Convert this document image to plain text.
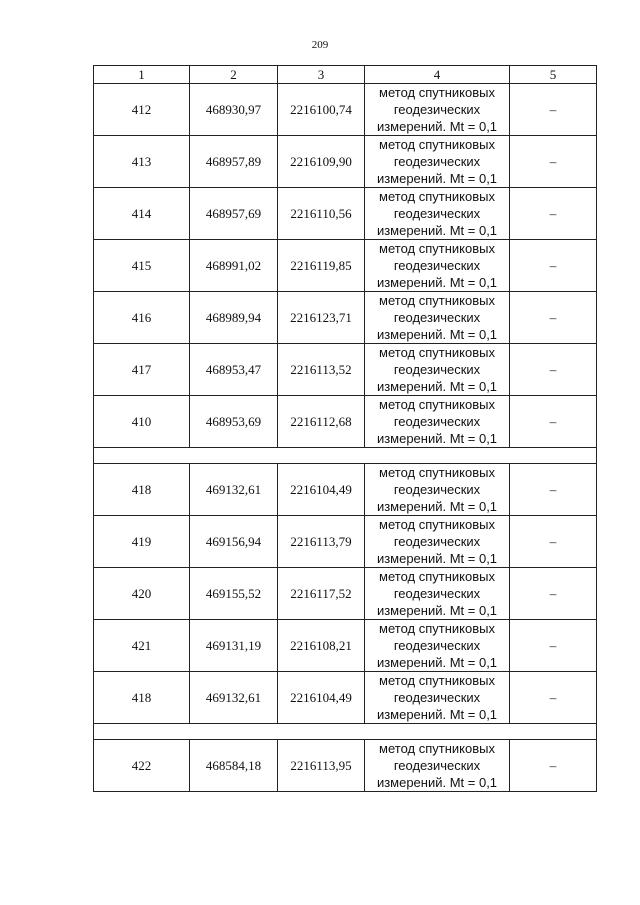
209
1	2	3	4	5
412	468930,97	2216100,74	метод спутниковых
геодезических
измерений. Mt = 0,1	–
413	468957,89	2216109,90	метод спутниковых
геодезических
измерений. Mt = 0,1	–
414	468957,69	2216110,56	метод спутниковых
геодезических
измерений. Mt = 0,1	–
415	468991,02	2216119,85	метод спутниковых
геодезических
измерений. Mt = 0,1	–
416	468989,94	2216123,71	метод спутниковых
геодезических
измерений. Mt = 0,1	–
417	468953,47	2216113,52	метод спутниковых
геодезических
измерений. Mt = 0,1	–
410	468953,69	2216112,68	метод спутниковых
геодезических
измерений. Mt = 0,1	–

418	469132,61	2216104,49	метод спутниковых
геодезических
измерений. Mt = 0,1	–
419	469156,94	2216113,79	метод спутниковых
геодезических
измерений. Mt = 0,1	–
420	469155,52	2216117,52	метод спутниковых
геодезических
измерений. Mt = 0,1	–
421	469131,19	2216108,21	метод спутниковых
геодезических
измерений. Mt = 0,1	–
418	469132,61	2216104,49	метод спутниковых
геодезических
измерений. Mt = 0,1	–

422	468584,18	2216113,95	метод спутниковых
геодезических
измерений. Mt = 0,1	–
